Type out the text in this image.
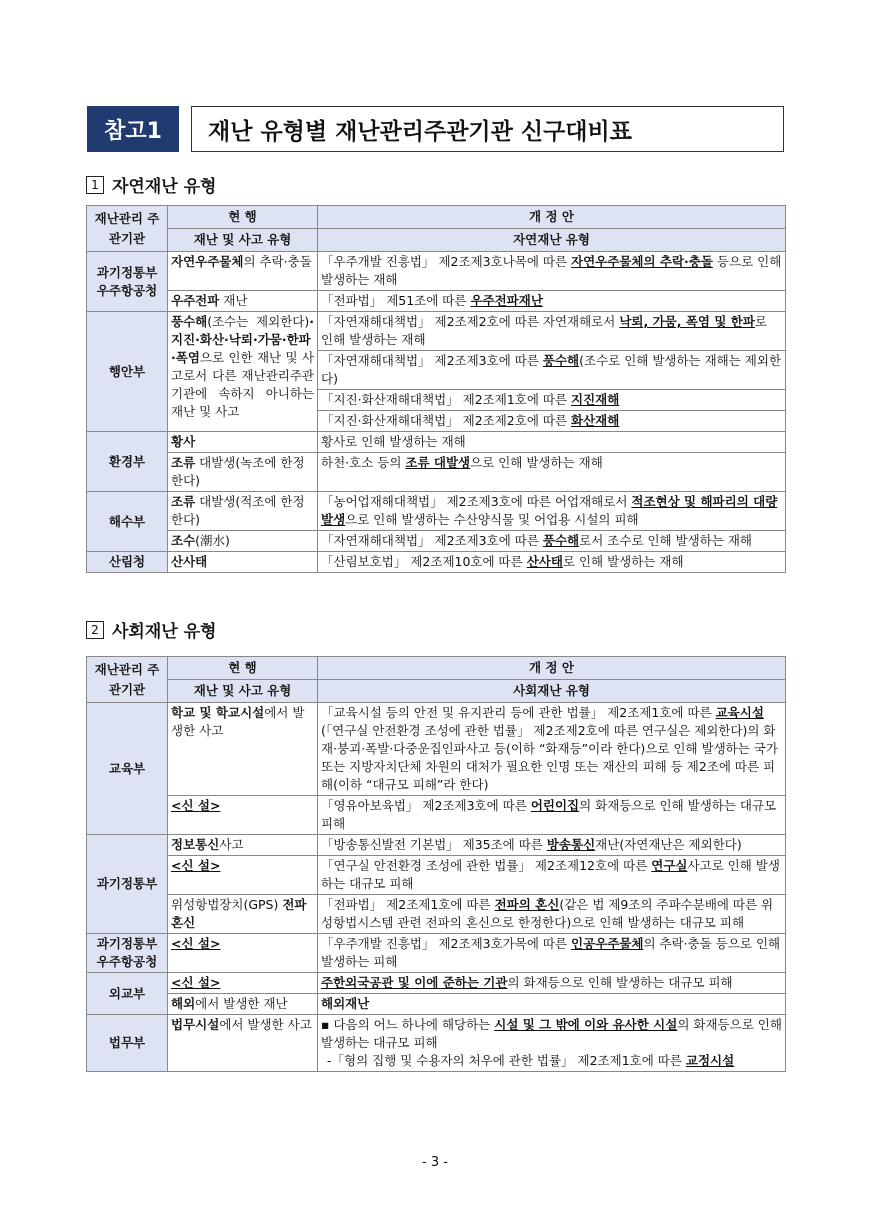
참고1	재난 유형별 재난관리주관기관 신구대비표
1 자연재난 유형
재난관리 주관기관	현 행	개 정 안
	재난 및 사고 유형	자연재난 유형
과기정통부 우주항공청	자연우주물체의 추락·충돌	「우주개발 진흥법」 제2조제3호나목에 따른 자연우주물체의 추락·충돌 등으로 인해 발생하는 재해
	우주전파 재난	「전파법」 제51조에 따른 우주전파재난
행안부	풍수해(조수는 제외한다)·지진·화산·낙뢰·가뭄·한파·폭염으로 인한 재난 및 사고로서 다른 재난관리주관기관에 속하지 아니하는 재난 및 사고	「자연재해대책법」 제2조제2호에 따른 자연재해로서 낙뢰, 가뭄, 폭염 및 한파로 인해 발생하는 재해
		「자연재해대책법」 제2조제3호에 따른 풍수해(조수로 인해 발생하는 재해는 제외한다)
		「지진·화산재해대책법」 제2조제1호에 따른 지진재해
		「지진·화산재해대책법」 제2조제2호에 따른 화산재해
환경부	황사	황사로 인해 발생하는 재해
	조류 대발생(녹조에 한정한다)	하천·호소 등의 조류 대발생으로 인해 발생하는 재해
해수부	조류 대발생(적조에 한정한다)	「농어업재해대책법」 제2조제3호에 따른 어업재해로서 적조현상 및 해파리의 대량발생으로 인해 발생하는 수산양식물 및 어업용 시설의 피해
	조수(潮水)	「자연재해대책법」 제2조제3호에 따른 풍수해로서 조수로 인해 발생하는 재해
산림청	산사태	「산림보호법」 제2조제10호에 따른 산사태로 인해 발생하는 재해
2 사회재난 유형
재난관리 주관기관	현 행	개 정 안
	재난 및 사고 유형	사회재난 유형
교육부	학교 및 학교시설에서 발생한 사고	「교육시설 등의 안전 및 유지관리 등에 관한 법률」 제2조제1호에 따른 교육시설(「연구실 안전환경 조성에 관한 법률」 제2조제2호에 따른 연구실은 제외한다)의 화재·붕괴·폭발·다중운집인파사고 등(이하 “화재등”이라 한다)으로 인해 발생하는 국가 또는 지방자치단체 차원의 대처가 필요한 인명 또는 재산의 피해 등 제2조에 따른 피해(이하 “대규모 피해”라 한다)
	<신 설>	「영유아보육법」 제2조제3호에 따른 어린이집의 화재등으로 인해 발생하는 대규모 피해
과기정통부	정보통신사고	「방송통신발전 기본법」 제35조에 따른 방송통신재난(자연재난은 제외한다)
	<신 설>	「연구실 안전환경 조성에 관한 법률」 제2조제12호에 따른 연구실사고로 인해 발생하는 대규모 피해
	위성항법장치(GPS) 전파혼신	「전파법」 제2조제1호에 따른 전파의 혼신(같은 법 제9조의 주파수분배에 따른 위성항법시스템 관련 전파의 혼신으로 한정한다)으로 인해 발생하는 대규모 피해
과기정통부 우주항공청	<신 설>	「우주개발 진흥법」 제2조제3호가목에 따른 인공우주물체의 추락·충돌 등으로 인해 발생하는 피해
외교부	<신 설>	주한외국공관 및 이에 준하는 기관의 화재등으로 인해 발생하는 대규모 피해
	해외에서 발생한 재난	해외재난
법무부	법무시설에서 발생한 사고	▪ 다음의 어느 하나에 해당하는 시설 및 그 밖에 이와 유사한 시설의 화재등으로 인해 발생하는 대규모 피해
-「형의 집행 및 수용자의 처우에 관한 법률」 제2조제1호에 따른 교정시설
- 3 -
